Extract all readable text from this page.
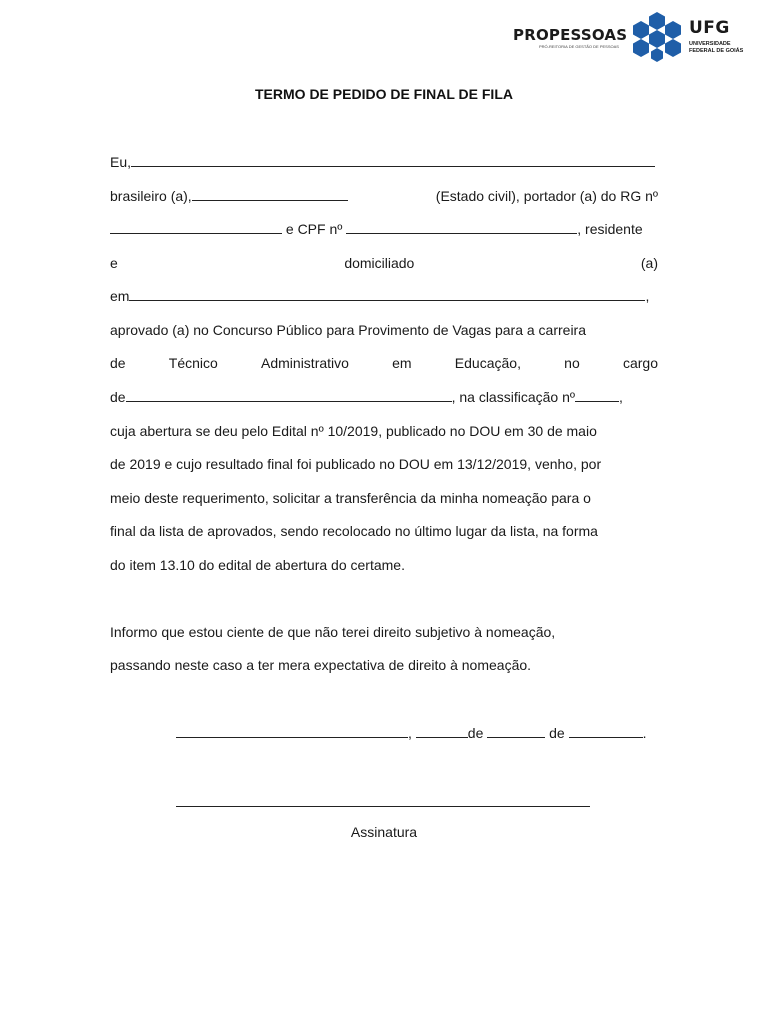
PROPESSOAS
PRÓ-REITORIA DE GESTÃO DE PESSOAS
UFG
UNIVERSIDADE
FEDERAL DE GOIÁS
TERMO DE PEDIDO DE FINAL DE FILA
Eu,
brasileiro (a),	(Estado civil), portador (a) do RG nº
e CPF nº	, residente
e	domiciliado	(a)
em	,
aprovado (a) no Concurso Público para Provimento de Vagas para a carreira
de	Técnico	Administrativo	em	Educação,	no	cargo
de	, na classificação nº	,
cuja abertura se deu pelo Edital nº 10/2019, publicado no DOU em 30 de maio
de 2019 e cujo resultado final foi publicado no DOU em 13/12/2019, venho, por
meio deste requerimento, solicitar a transferência da minha nomeação para o
final da lista de aprovados, sendo recolocado no último lugar da lista, na forma
do item 13.10 do edital de abertura do certame.
Informo que estou ciente de que não terei direito subjetivo à nomeação,
passando neste caso a ter mera expectativa de direito à nomeação.
,	de	de	.
Assinatura
